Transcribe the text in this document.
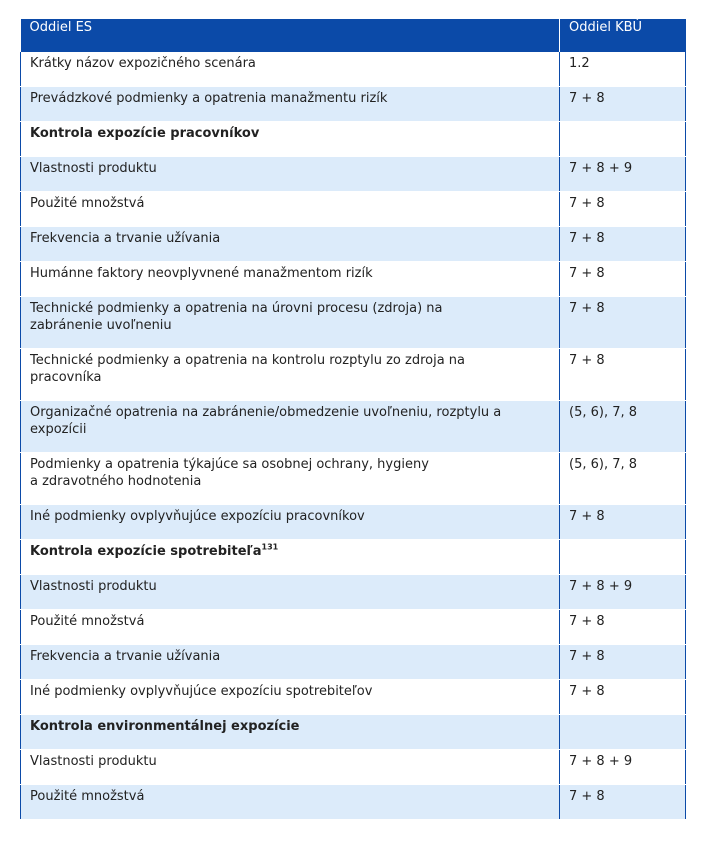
Oddiel ES	Oddiel KBÚ

Krátky názov expozičného scenára	1.2

Prevádzkové podmienky a opatrenia manažmentu rizík	7 + 8

Kontrola expozície pracovníkov	

Vlastnosti produktu	7 + 8 + 9

Použité množstvá	7 + 8

Frekvencia a trvanie užívania	7 + 8

Humánne faktory neovplyvnené manažmentom rizík	7 + 8

Technické podmienky a opatrenia na úrovni procesu (zdroja) na
zabránenie uvoľneniu	7 + 8

Technické podmienky a opatrenia na kontrolu rozptylu zo zdroja na
pracovníka	7 + 8

Organizačné opatrenia na zabránenie/obmedzenie uvoľneniu, rozptylu a
expozícii	(5, 6), 7, 8

Podmienky a opatrenia týkajúce sa osobnej ochrany, hygieny
a zdravotného hodnotenia	(5, 6), 7, 8

Iné podmienky ovplyvňujúce expozíciu pracovníkov	7 + 8

Kontrola expozície spotrebiteľa$^{131}$

Vlastnosti produktu	7 + 8 + 9

Použité množstvá	7 + 8

Frekvencia a trvanie užívania	7 + 8

Iné podmienky ovplyvňujúce expozíciu spotrebiteľov	7 + 8

Kontrola environmentálnej expozície	

Vlastnosti produktu	7 + 8 + 9

Použité množstvá	7 + 8
